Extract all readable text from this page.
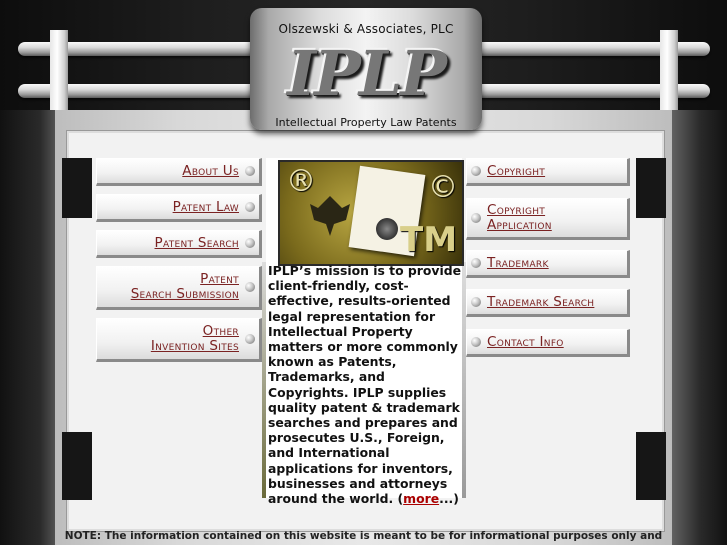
Olszewski & Associates, PLC
IPLP
Intellectual Property Law Patents
About Us
Patent Law
Patent Search
Patent
Search Submission
Other
Invention Sites
®	©
TM
IPLP’s mission is to provide client-friendly, cost-effective, results-oriented legal representation for Intellectual Property matters or more commonly known as Patents, Trademarks, and Copyrights. IPLP supplies quality patent & trademark searches and prepares and prosecutes U.S., Foreign, and International applications for inventors, businesses and attorneys around the world. (more...)
Copyright
Copyright
Application
Trademark
Trademark Search
Contact Info
NOTE: The information contained on this website is meant to be for informational purposes only and
